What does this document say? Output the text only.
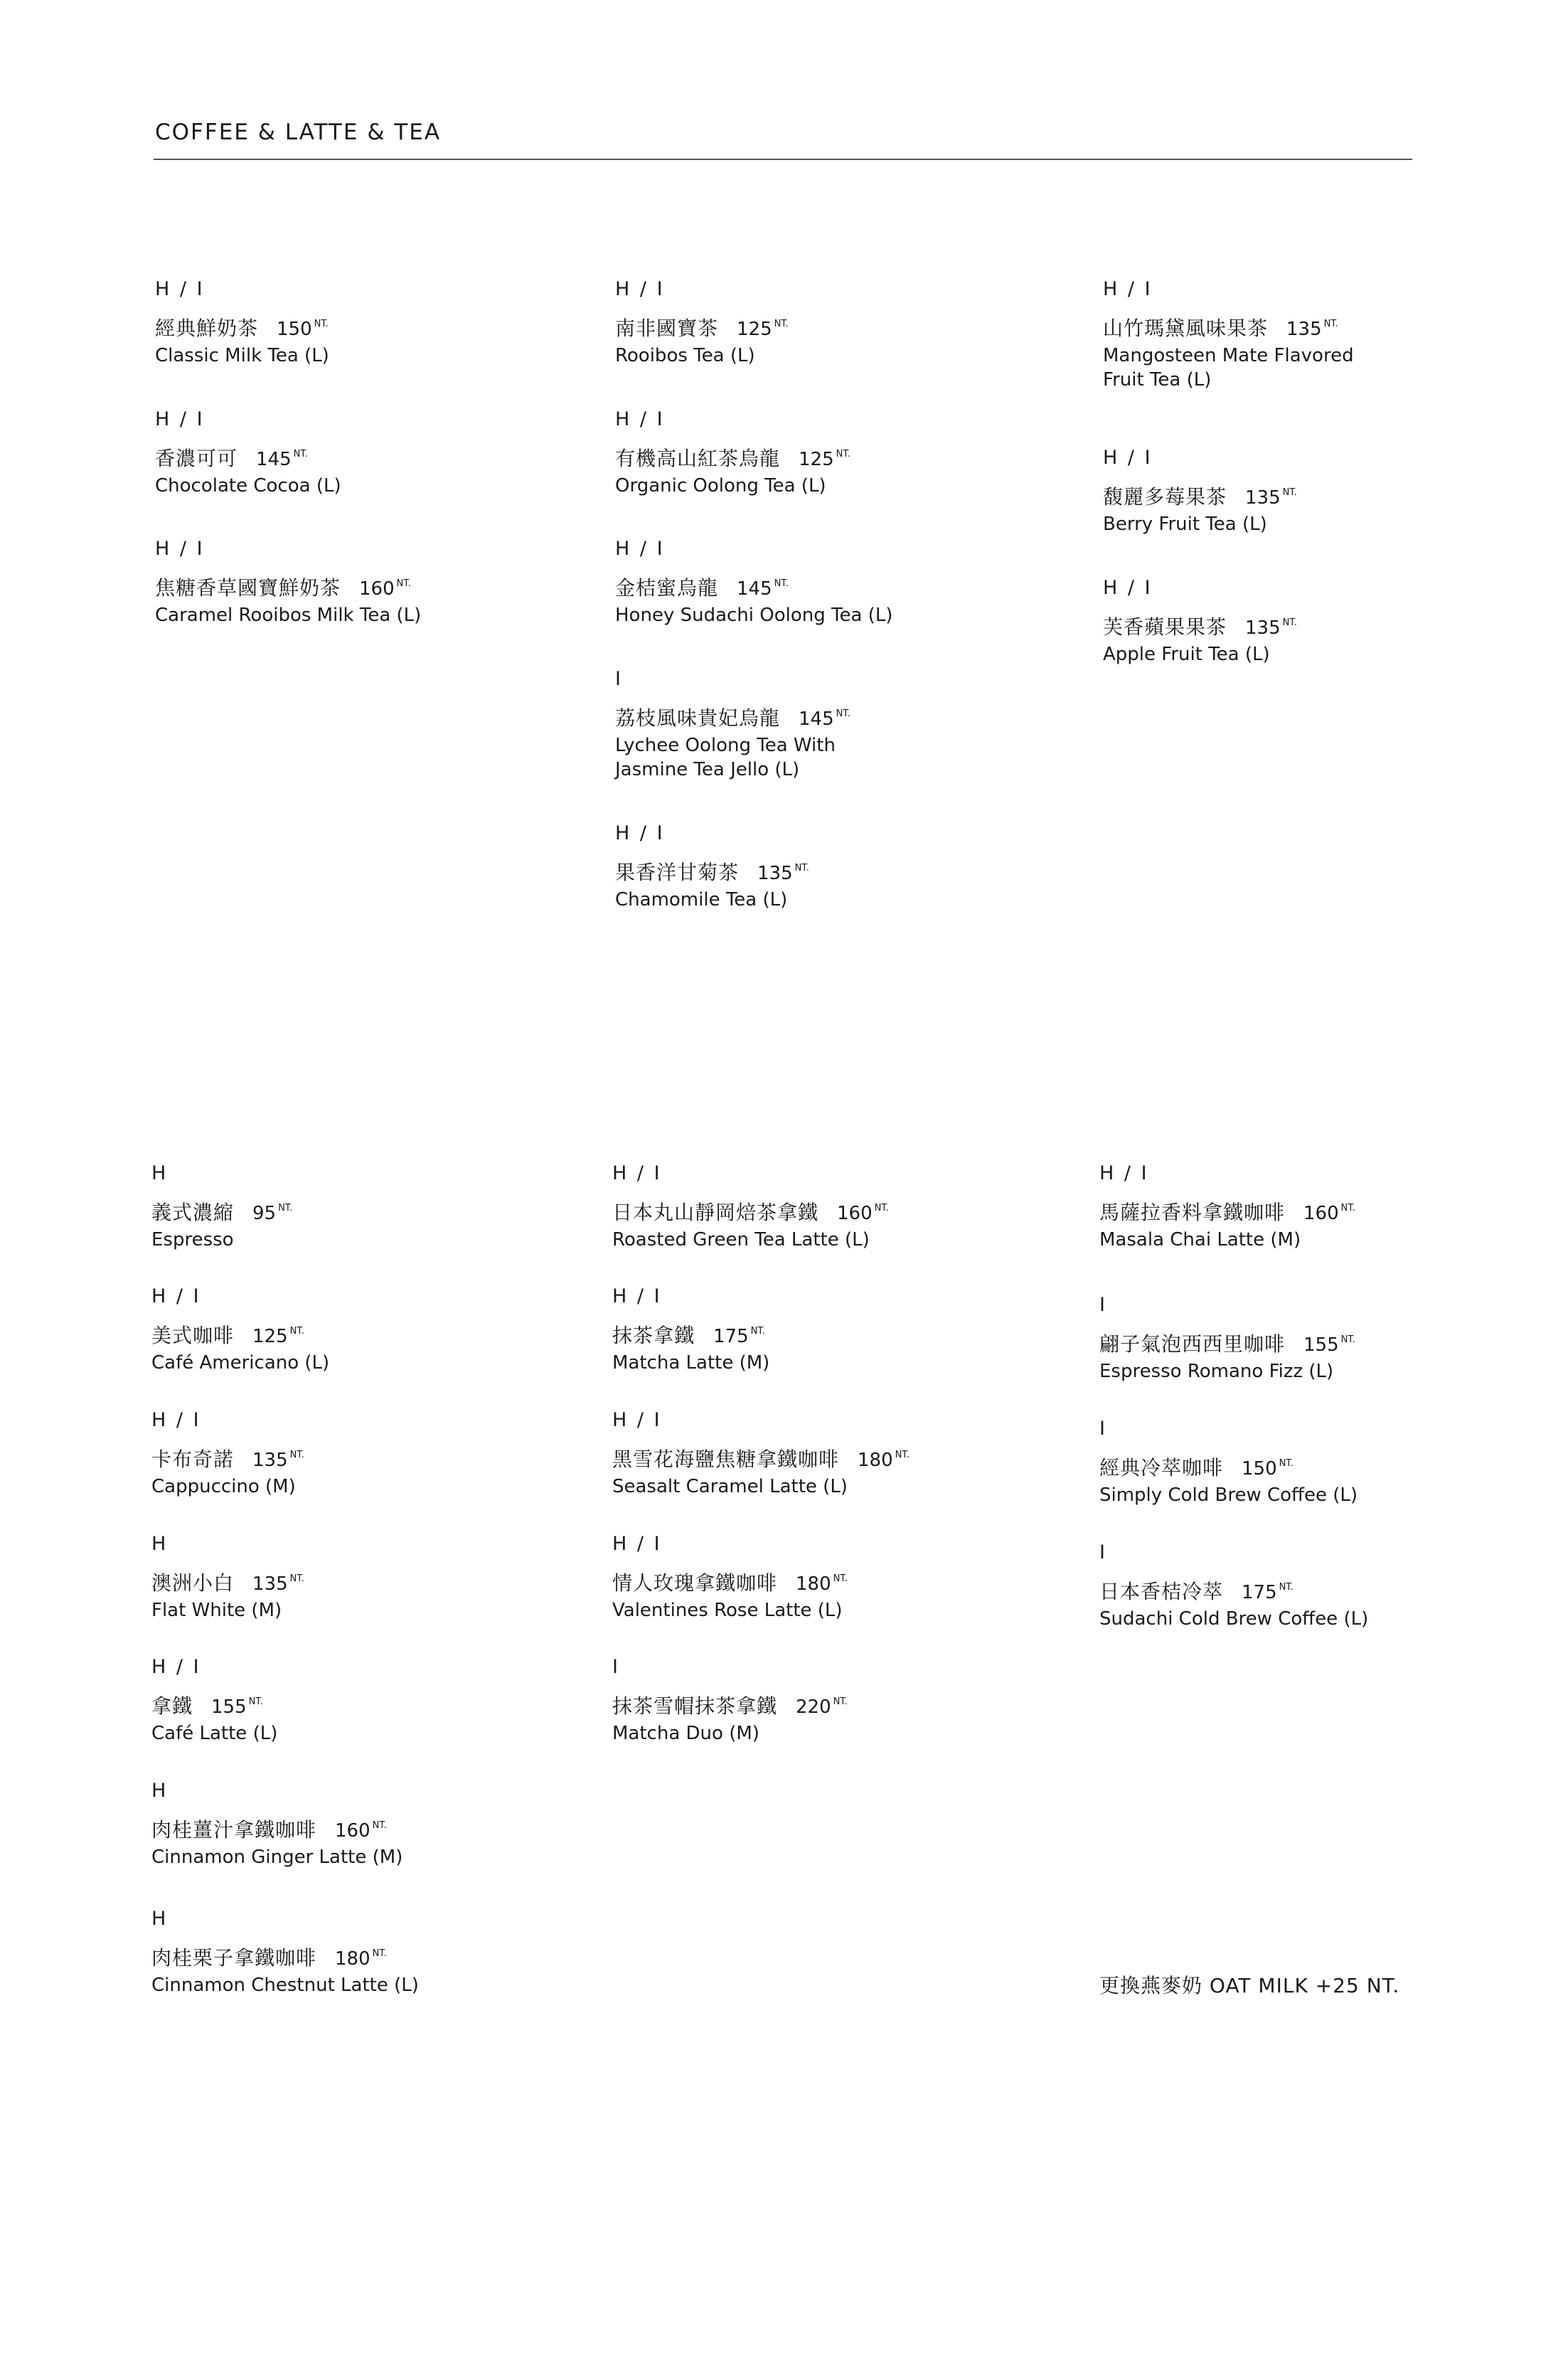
COFFEE & LATTE & TEA
H / I
經典鮮奶茶 150 $^{NT.}$
Classic Milk Tea (L)
H / I
香濃可可 145 $^{NT.}$
Chocolate Cocoa (L)
H / I
焦糖香草國寶鮮奶茶 160 $^{NT.}$
Caramel Rooibos Milk Tea (L)
H / I
南非國寶茶 125 $^{NT.}$
Rooibos Tea (L)
H / I
有機高山紅茶烏龍 125 $^{NT.}$
Organic Oolong Tea (L)
H / I
金桔蜜烏龍 145 $^{NT.}$
Honey Sudachi Oolong Tea (L)
I
荔枝風味貴妃烏龍 145 $^{NT.}$
Lychee Oolong Tea With Jasmine Tea Jello (L)
H / I
果香洋甘菊茶 135 $^{NT.}$
Chamomile Tea (L)
H / I
山竹瑪黛風味果茶 135 $^{NT.}$
Mangosteen Mate Flavored Fruit Tea (L)
H / I
馥麗多莓果茶 135 $^{NT.}$
Berry Fruit Tea (L)
H / I
芙香蘋果果茶 135 $^{NT.}$
Apple Fruit Tea (L)
H
義式濃縮 95 $^{NT.}$
Espresso
H / I
美式咖啡 125 $^{NT.}$
Café Americano (L)
H / I
卡布奇諾 135 $^{NT.}$
Cappuccino (M)
H
澳洲小白 135 $^{NT.}$
Flat White (M)
H / I
拿鐵 155 $^{NT.}$
Café Latte (L)
H
肉桂薑汁拿鐵咖啡 160 $^{NT.}$
Cinnamon Ginger Latte (M)
H
肉桂栗子拿鐵咖啡 180 $^{NT.}$
Cinnamon Chestnut Latte (L)
H / I
日本丸山靜岡焙茶拿鐵 160 $^{NT.}$
Roasted Green Tea Latte (L)
H / I
抹茶拿鐵 175 $^{NT.}$
Matcha Latte (M)
H / I
黑雪花海鹽焦糖拿鐵咖啡 180 $^{NT.}$
Seasalt Caramel Latte (L)
H / I
情人玫瑰拿鐵咖啡 180 $^{NT.}$
Valentines Rose Latte (L)
I
抹茶雪帽抹茶拿鐵 220 $^{NT.}$
Matcha Duo (M)
H / I
馬薩拉香料拿鐵咖啡 160 $^{NT.}$
Masala Chai Latte (M)
I
翩子氣泡西西里咖啡 155 $^{NT.}$
Espresso Romano Fizz (L)
I
經典冷萃咖啡 150 $^{NT.}$
Simply Cold Brew Coffee (L)
I
日本香桔冷萃 175 $^{NT.}$
Sudachi Cold Brew Coffee (L)
更換燕麥奶 OAT MILK +25 NT.
